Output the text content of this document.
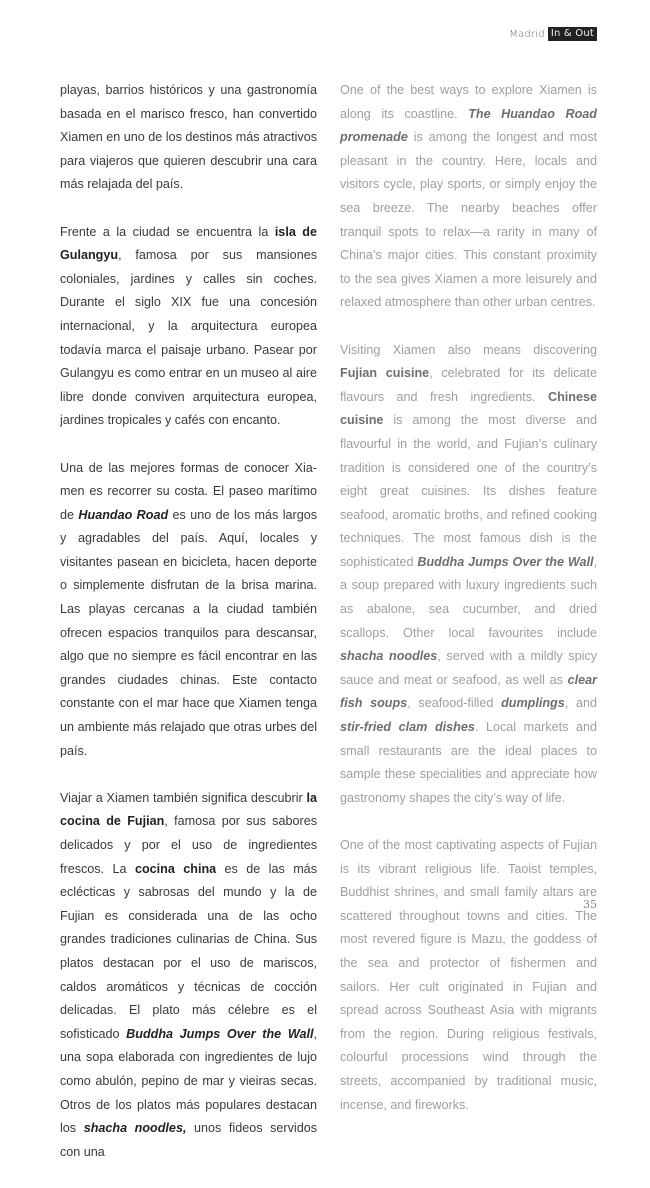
Madrid In & Out

playas, barrios históricos y una gastronomía basada en el marisco fresco, han convertido Xiamen en uno de los destinos más atractivos para viajeros que quieren descubrir una cara más relajada del país.

Frente a la ciudad se encuentra la isla de Gulangyu, famosa por sus mansiones coloniales, jardines y calles sin coches. Durante el siglo XIX fue una concesión internacional, y la arquitectura europea todavía marca el paisaje urbano. Pasear por Gulangyu es como entrar en un museo al aire libre donde conviven arquitectura europea, jardines tropicales y cafés con encanto.

Una de las mejores formas de conocer Xiamen es recorrer su costa. El paseo marítimo de Huandao Road es uno de los más largos y agradables del país. Aquí, locales y visitantes pasean en bicicleta, hacen deporte o simplemente disfrutan de la brisa marina. Las playas cercanas a la ciudad también ofrecen espacios tranquilos para descansar, algo que no siempre es fácil encontrar en las grandes ciudades chinas. Este contacto constante con el mar hace que Xiamen tenga un ambiente más relajado que otras urbes del país.

Viajar a Xiamen también significa descubrir la cocina de Fujian, famosa por sus sabores delicados y por el uso de ingredientes frescos. La cocina china es de las más eclécticas y sabrosas del mundo y la de Fujian es considerada una de las ocho grandes tradiciones culinarias de China. Sus platos destacan por el uso de mariscos, caldos aromáticos y técnicas de cocción delicadas. El plato más célebre es el sofisticado Buddha Jumps Over the Wall, una sopa elaborada con ingredientes de lujo como abulón, pepino de mar y vieiras secas. Otros de los platos más populares destacan los shacha noodles, unos fideos servidos con una

One of the best ways to explore Xiamen is along its coastline. The Huandao Road promenade is among the longest and most pleasant in the country. Here, locals and visitors cycle, play sports, or simply enjoy the sea breeze. The nearby beaches offer tranquil spots to relax—a rarity in many of China’s major cities. This constant proximity to the sea gives Xiamen a more leisurely and relaxed atmosphere than other urban centres.

Visiting Xiamen also means discovering Fujian cuisine, celebrated for its delicate flavours and fresh ingredients. Chinese cuisine is among the most diverse and flavourful in the world, and Fujian’s culinary tradition is considered one of the country’s eight great cuisines. Its dishes feature seafood, aromatic broths, and refined cooking techniques. The most famous dish is the sophisticated Buddha Jumps Over the Wall, a soup prepared with luxury ingredients such as abalone, sea cucumber, and dried scallops. Other local favourites include shacha noodles, served with a mildly spicy sauce and meat or seafood, as well as clear fish soups, seafood-filled dumplings, and stir-fried clam dishes. Local markets and small restaurants are the ideal places to sample these specialities and appreciate how gastronomy shapes the city’s way of life.

One of the most captivating aspects of Fujian is its vibrant religious life. Taoist temples, Buddhist shrines, and small family altars are scattered throughout towns and cities. The most revered figure is Mazu, the goddess of the sea and protector of fishermen and sailors. Her cult originated in Fujian and spread across Southeast Asia with migrants from the region. During religious festivals, colourful processions wind through the streets, accompanied by traditional music, incense, and fireworks.

35
